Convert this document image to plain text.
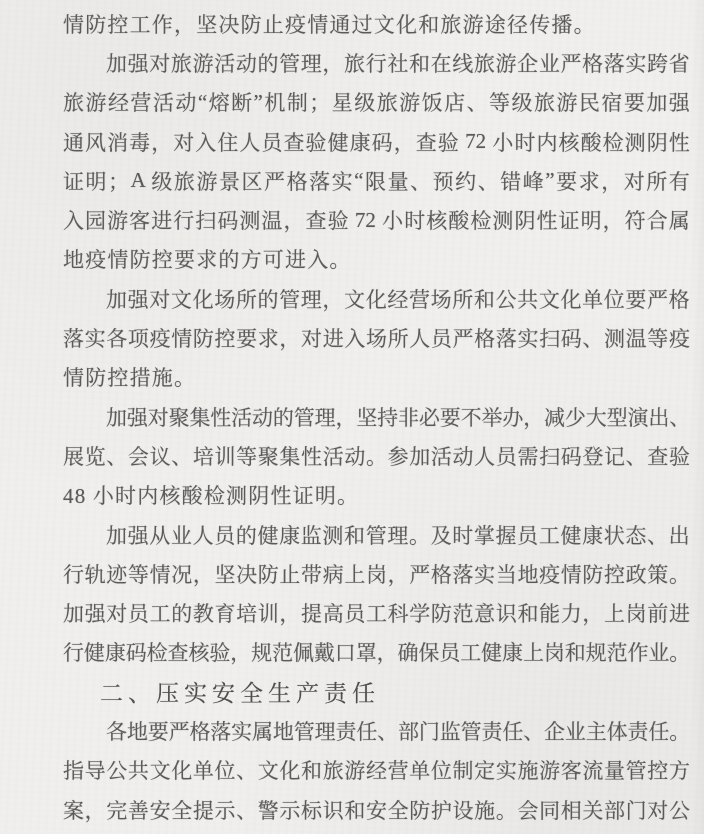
情防控工作，坚决防止疫情通过文化和旅游途径传播。
加 强 对 旅 游 活 动 的 管 理 ， 旅 行 社 和 在 线 旅 游 企 业 严 格 落 实 跨 省
旅 游 经 营 活 动 “ 熔 断 ” 机 制 ； 星 级 旅 游 饭 店 、 等 级 旅 游 民 宿 要 加 强
通 风 消 毒 ， 对 入 住 人 员 查 验 健 康 码 ， 查 验 72 小 时 内 核 酸 检 测 阴 性
证 明 ； A 级 旅 游 景 区 严 格 落 实 “ 限 量 、 预 约 、 错 峰 ” 要 求 ， 对 所 有
入 园 游 客 进 行 扫 码 测 温 ， 查 验 72 小 时 核 酸 检 测 阴 性 证 明 ， 符 合 属
地疫情防控要求的方可进入。
加 强 对 文 化 场 所 的 管 理 ， 文 化 经 营 场 所 和 公 共 文 化 单 位 要 严 格
落 实 各 项 疫 情 防 控 要 求 ， 对 进 入 场 所 人 员 严 格 落 实 扫 码 、 测 温 等 疫
情防控措施。
加 强 对 聚 集 性 活 动 的 管 理 ， 坚 持 非 必 要 不 举 办 ， 减 少 大 型 演 出 、
展 览 、 会 议 、 培 训 等 聚 集 性 活 动 。 参 加 活 动 人 员 需 扫 码 登 记 、 查 验
48 小时内核酸检测阴性证明。
加 强 从 业 人 员 的 健 康 监 测 和 管 理 。 及 时 掌 握 员 工 健 康 状 态 、 出
行 轨 迹 等 情 况 ， 坚 决 防 止 带 病 上 岗 ， 严 格 落 实 当 地 疫 情 防 控 政 策 。
加 强 对 员 工 的 教 育 培 训 ， 提 高 员 工 科 学 防 范 意 识 和 能 力 ， 上 岗 前 进
行 健 康 码 检 查 核 验 ， 规 范 佩 戴 口 罩 ， 确 保 员 工 健 康 上 岗 和 规 范 作 业 。
二、压实安全生产责任
各 地 要 严 格 落 实 属 地 管 理 责 任 、 部 门 监 管 责 任 、 企 业 主 体 责 任 。
指 导 公 共 文 化 单 位 、 文 化 和 旅 游 经 营 单 位 制 定 实 施 游 客 流 量 管 控 方
案 ， 完 善 安 全 提 示 、 警 示 标 识 和 安 全 防 护 设 施 。 会 同 相 关 部 门 对 公
